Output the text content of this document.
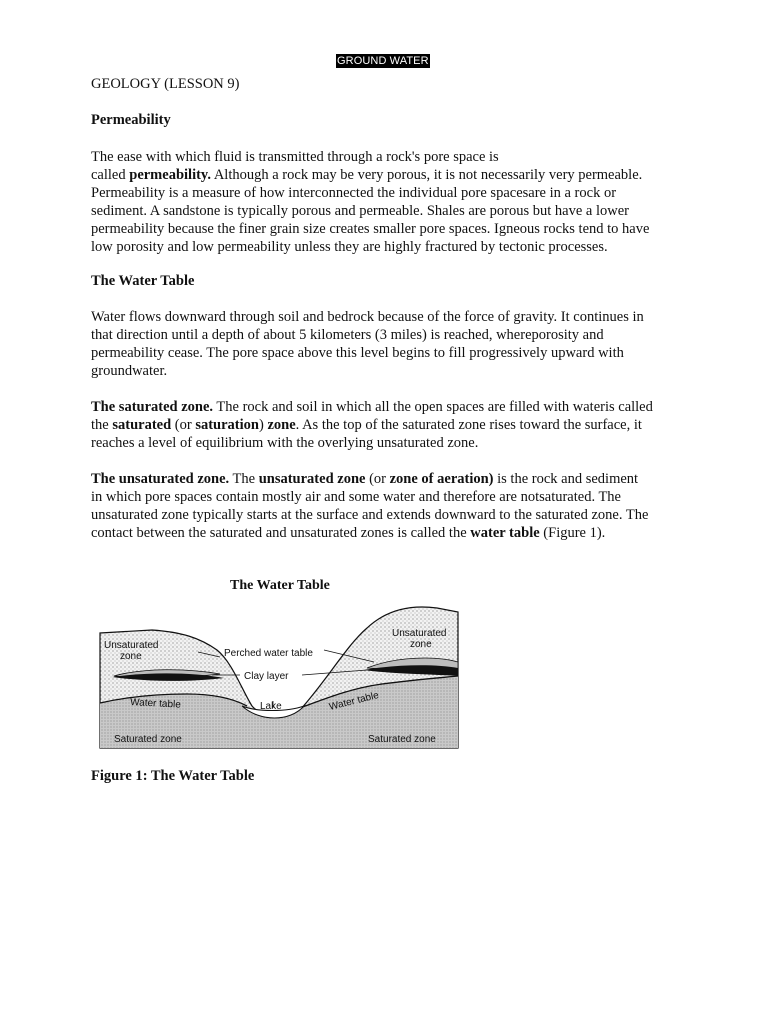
GROUND WATER
GEOLOGY (LESSON 9)
Permeability

The ease with which fluid is transmitted through a rock's pore space is

called permeability. Although a rock may be very porous, it is not necessarily very permeable.

Permeability is a measure of how interconnected the individual pore spacesare in a rock or

sediment. A sandstone is typically porous and permeable. Shales are porous but have a lower

permeability because the finer grain size creates smaller pore spaces. Igneous rocks tend to have

low porosity and low permeability unless they are highly fractured by tectonic processes.

The Water Table

Water flows downward through soil and bedrock because of the force of gravity. It continues in

that direction until a depth of about 5 kilometers (3 miles) is reached, whereporosity and

permeability cease. The pore space above this level begins to fill progressively upward with

groundwater.

The saturated zone. The rock and soil in which all the open spaces are filled with wateris called

the saturated (or saturation) zone. As the top of the saturated zone rises toward the surface, it

reaches a level of equilibrium with the overlying unsaturated zone.

The unsaturated zone. The unsaturated zone (or zone of aeration) is the rock and sediment

in which pore spaces contain mostly air and some water and therefore are notsaturated. The

unsaturated zone typically starts at the surface and extends downward to the saturated zone. The

contact between the saturated and unsaturated zones is called the water table (Figure 1).

The Water Table
Unsaturated
zone
Unsaturated
zone
Perched water table
Clay layer
Lake
Water table	Water table
Saturated zone	Saturated zone
Figure 1: The Water Table
